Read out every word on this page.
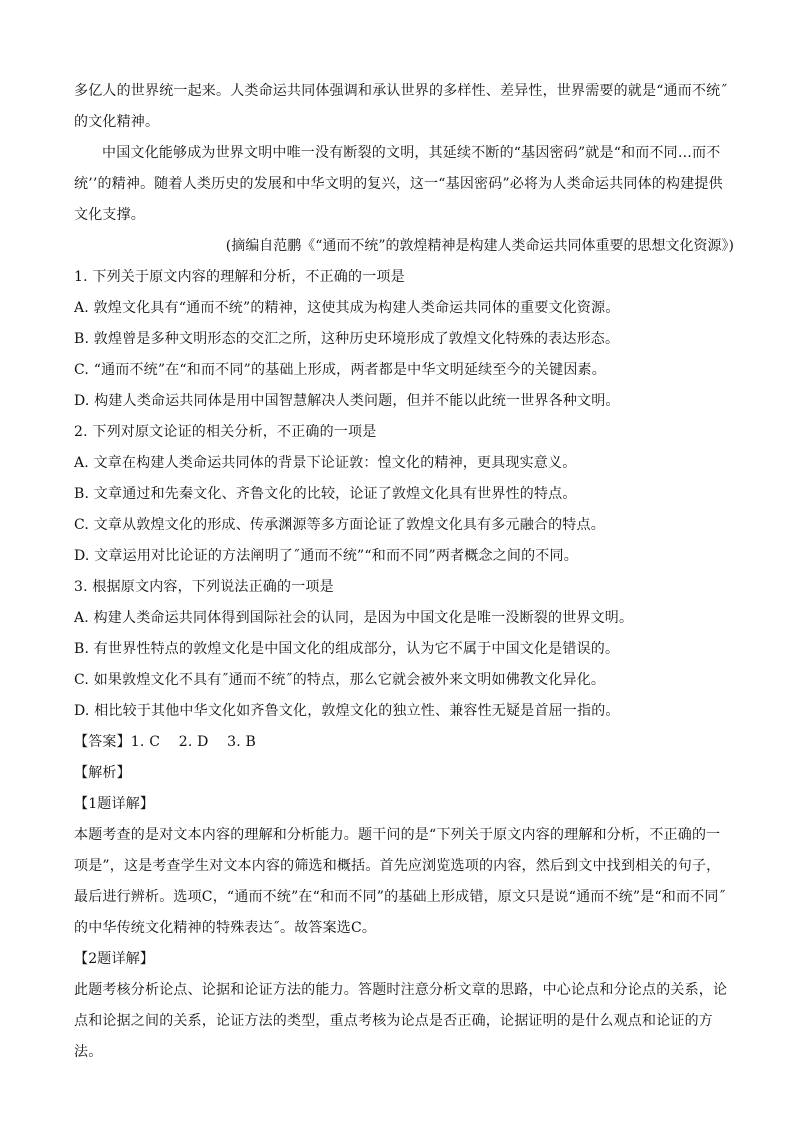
多亿人的世界统一起来。人类命运共同体强调和承认世界的多样性、差异性，世界需要的就是“通而不统˝的文化精神。

中国文化能够成为世界文明中唯一没有断裂的文明，其延续不断的“基因密码”就是“和而不同…而不统’’的精神。随着人类历史的发展和中华文明的复兴，这一“基因密码”必将为人类命运共同体的构建提供文化支撑。

(摘编自范鹏《“通而不统”的敦煌精神是构建人类命运共同体重要的思想文化资源》)

1. 下列关于原文内容的理解和分析，不正确的一项是

A. 敦煌文化具有“通而不统”的精神，这使其成为构建人类命运共同体的重要文化资源。

B. 敦煌曾是多种文明形态的交汇之所，这种历史环境形成了敦煌文化特殊的表达形态。

C. “通而不统”在“和而不同”的基础上形成，两者都是中华文明延续至今的关键因素。

D. 构建人类命运共同体是用中国智慧解决人类问题，但并不能以此统一世界各种文明。

2. 下列对原文论证的相关分析，不正确的一项是

A. 文章在构建人类命运共同体的背景下论证敦：惶文化的精神，更具现实意义。

B. 文章通过和先秦文化、齐鲁文化的比较，论证了敦煌文化具有世界性的特点。

C. 文章从敦煌文化的形成、传承渊源等多方面论证了敦煌文化具有多元融合的特点。

D. 文章运用对比论证的方法阐明了˝通而不统”“和而不同”两者概念之间的不同。

3. 根据原文内容，下列说法正确的一项是

A. 构建人类命运共同体得到国际社会的认同，是因为中国文化是唯一没断裂的世界文明。

B. 有世界性特点的敦煌文化是中国文化的组成部分，认为它不属于中国文化是错误的。

C. 如果敦煌文化不具有˝通而不统˝的特点，那么它就会被外来文明如佛教文化异化。

D. 相比较于其他中华文化如齐鲁文化，敦煌文化的独立性、兼容性无疑是首屈一指的。

【答案】1. C    2. D    3. B

【解析】

【1题详解】

本题考查的是对文本内容的理解和分析能力。题干问的是“下列关于原文内容的理解和分析，不正确的一项是”，这是考查学生对文本内容的筛选和概括。首先应浏览选项的内容，然后到文中找到相关的句子，最后进行辨析。选项C，“通而不统”在“和而不同”的基础上形成错，原文只是说“通而不统”是“和而不同˝的中华传统文化精神的特殊表达˝。故答案选C。

【2题详解】

此题考核分析论点、论据和论证方法的能力。答题时注意分析文章的思路，中心论点和分论点的关系，论点和论据之间的关系，论证方法的类型，重点考核为论点是否正确，论据证明的是什么观点和论证的方法。
